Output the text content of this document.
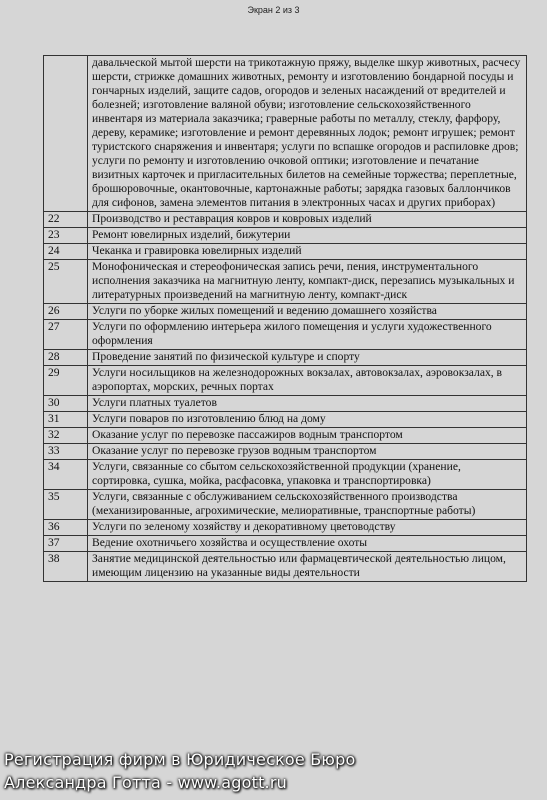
Экран 2 из 3
	давальческой мытой шерсти на трикотажную пряжу, выделке шкур животных, расчесу шерсти, стрижке домашних животных, ремонту и изготовлению бондарной посуды и гончарных изделий, защите садов, огородов и зеленых насаждений от вредителей и болезней; изготовление валяной обуви; изготовление сельскохозяйственного инвентаря из материала заказчика; граверные работы по металлу, стеклу, фарфору, дереву, керамике; изготовление и ремонт деревянных лодок; ремонт игрушек; ремонт туристского снаряжения и инвентаря; услуги по вспашке огородов и распиловке дров; услуги по ремонту и изготовлению очковой оптики; изготовление и печатание визитных карточек и пригласительных билетов на семейные торжества; переплетные, брошюровочные, окантовочные, картонажные работы; зарядка газовых баллончиков для сифонов, замена элементов питания в электронных часах и других приборах)
22	Производство и реставрация ковров и ковровых изделий
23	Ремонт ювелирных изделий, бижутерии
24	Чеканка и гравировка ювелирных изделий
25	Монофоническая и стереофоническая запись речи, пения, инструментального исполнения заказчика на магнитную ленту, компакт-диск, перезапись музыкальных и литературных произведений на магнитную ленту, компакт-диск
26	Услуги по уборке жилых помещений и ведению домашнего хозяйства
27	Услуги по оформлению интерьера жилого помещения и услуги художественного оформления
28	Проведение занятий по физической культуре и спорту
29	Услуги носильщиков на железнодорожных вокзалах, автовокзалах, аэровокзалах, в аэропортах, морских, речных портах
30	Услуги платных туалетов
31	Услуги поваров по изготовлению блюд на дому
32	Оказание услуг по перевозке пассажиров водным транспортом
33	Оказание услуг по перевозке грузов водным транспортом
34	Услуги, связанные со сбытом сельскохозяйственной продукции (хранение, сортировка, сушка, мойка, расфасовка, упаковка и транспортировка)
35	Услуги, связанные с обслуживанием сельскохозяйственного производства (механизированные, агрохимические, мелиоративные, транспортные работы)
36	Услуги по зеленому хозяйству и декоративному цветоводству
37	Ведение охотничьего хозяйства и осуществление охоты
38	Занятие медицинской деятельностью или фармацевтической деятельностью лицом, имеющим лицензию на указанные виды деятельности
Регистрация фирм в Юридическое Бюро
Александра Готта - www.agott.ru
